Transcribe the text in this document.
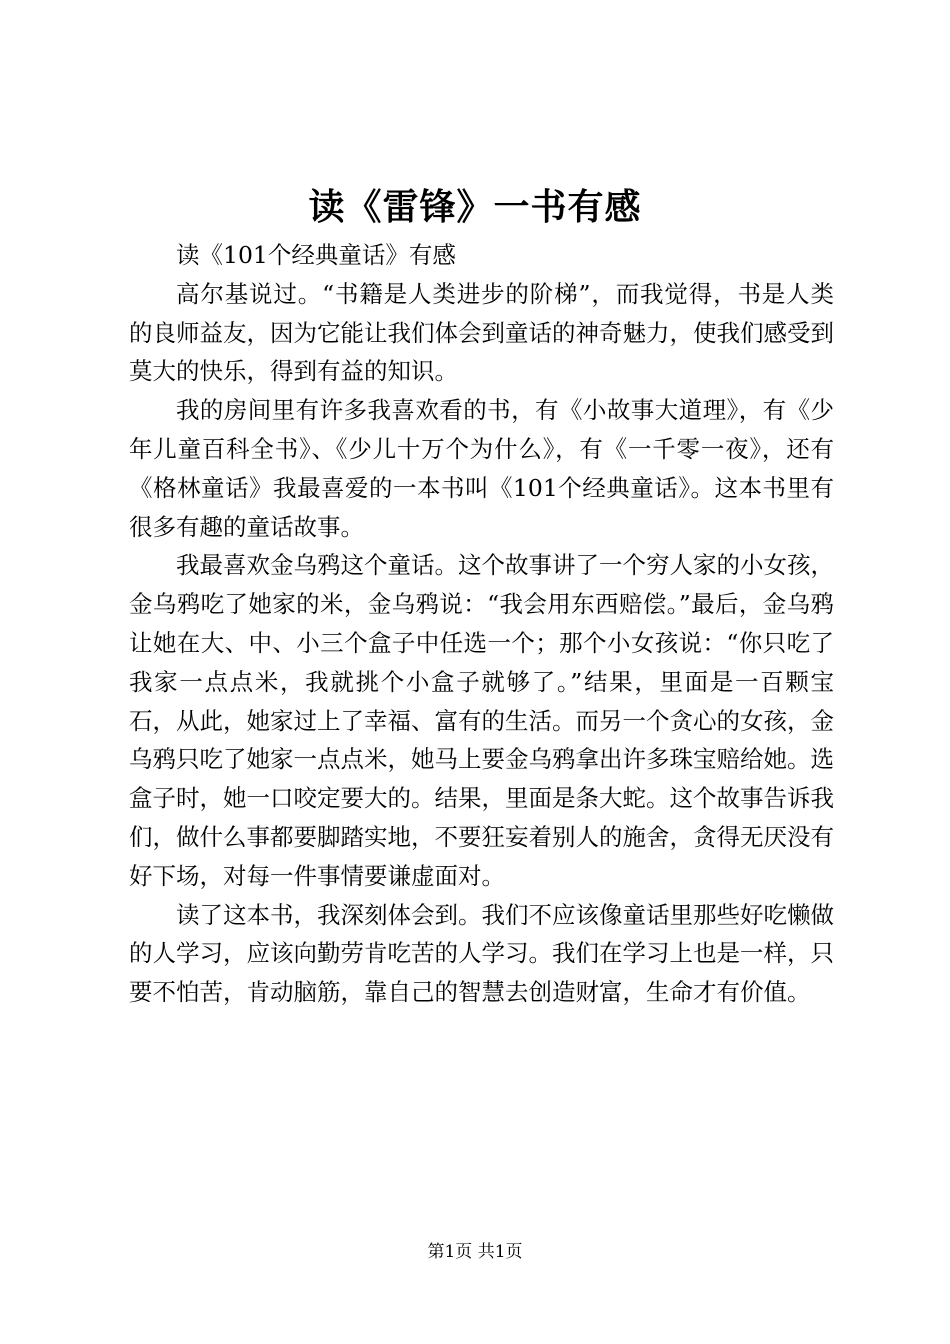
读《雷锋》一书有感

读《101个经典童话》有感

高尔基说过。“书籍是人类进步的阶梯”，而我觉得，书是人类的良师益友，因为它能让我们体会到童话的神奇魅力，使我们感受到莫大的快乐，得到有益的知识。

我的房间里有许多我喜欢看的书，有《小故事大道理》，有《少年儿童百科全书》、《少儿十万个为什么》，有《一千零一夜》，还有《格林童话》我最喜爱的一本书叫《101个经典童话》。这本书里有很多有趣的童话故事。

我最喜欢金乌鸦这个童话。这个故事讲了一个穷人家的小女孩，金乌鸦吃了她家的米，金乌鸦说：“我会用东西赔偿。”最后，金乌鸦让她在大、中、小三个盒子中任选一个；那个小女孩说：“你只吃了我家一点点米，我就挑个小盒子就够了。”结果，里面是一百颗宝石，从此，她家过上了幸福、富有的生活。而另一个贪心的女孩，金乌鸦只吃了她家一点点米，她马上要金乌鸦拿出许多珠宝赔给她。选盒子时，她一口咬定要大的。结果，里面是条大蛇。这个故事告诉我们，做什么事都要脚踏实地，不要狂妄着别人的施舍，贪得无厌没有好下场，对每一件事情要谦虚面对。

读了这本书，我深刻体会到。我们不应该像童话里那些好吃懒做的人学习，应该向勤劳肯吃苦的人学习。我们在学习上也是一样，只要不怕苦，肯动脑筋，靠自己的智慧去创造财富，生命才有价值。

第1页 共1页
